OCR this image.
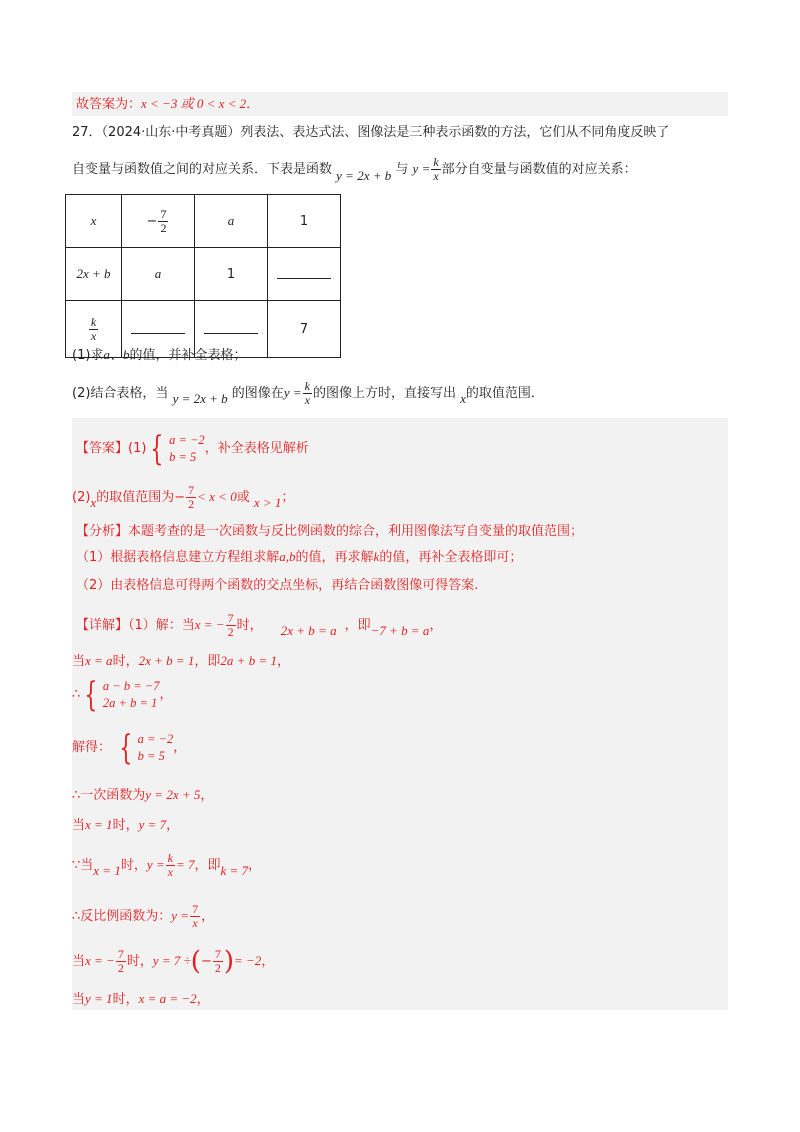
故答案为：x < −3 或 0 < x < 2．
27．（2024·山东·中考真题）列表法、表达式法、图像法是三种表示函数的方法，它们从不同角度反映了
自变量与函数值之间的对应关系．下表是函数 y = 2x + b 与 $y = \frac{k}{x}$ 部分自变量与函数值的对应关系：
x	− $\frac{7}{2}$	a	1
2x + b	a	1	

$\frac{k}{x}$			7
(1)求a、b的值，并补全表格；
(2)结合表格，当 y = 2x + b 的图像在$y = \frac{k}{x}$ 的图像上方时，直接写出 x的取值范围．
【答案】(1) { a = −2
b = 5
，补全表格见解析
(2)x的取值范围为− $\frac{7}{2} < x < 0$或 x > 1；
【分析】本题考查的是一次函数与反比例函数的综合，利用图像法写自变量的取值范围；
（1）根据表格信息建立方程组求解a,b的值，再求解k的值，再补全表格即可；
（2）由表格信息可得两个函数的交点坐标，再结合函数图像可得答案.
【详解】（1）解：当x = − $\frac{7}{2}$ 时， 2x + b = a ，即−7 + b = a，
当x = a时，2x + b = 1，即2a + b = 1，
∴ { a − b = −7
2a + b = 1
，
解得： { a = −2
b = 5
，
∴一次函数为y = 2x + 5，
当x = 1时，y = 7，
∵当x = 1时，$y = \frac{k}{x} = 7$，即k = 7，
∴反比例函数为：$y = \frac{7}{x}$ ，
当x = − $\frac{7}{2}$ 时，y = 7 ÷(− $\frac{7}{2}$ )= −2，
当y = 1时，x = a = −2，
